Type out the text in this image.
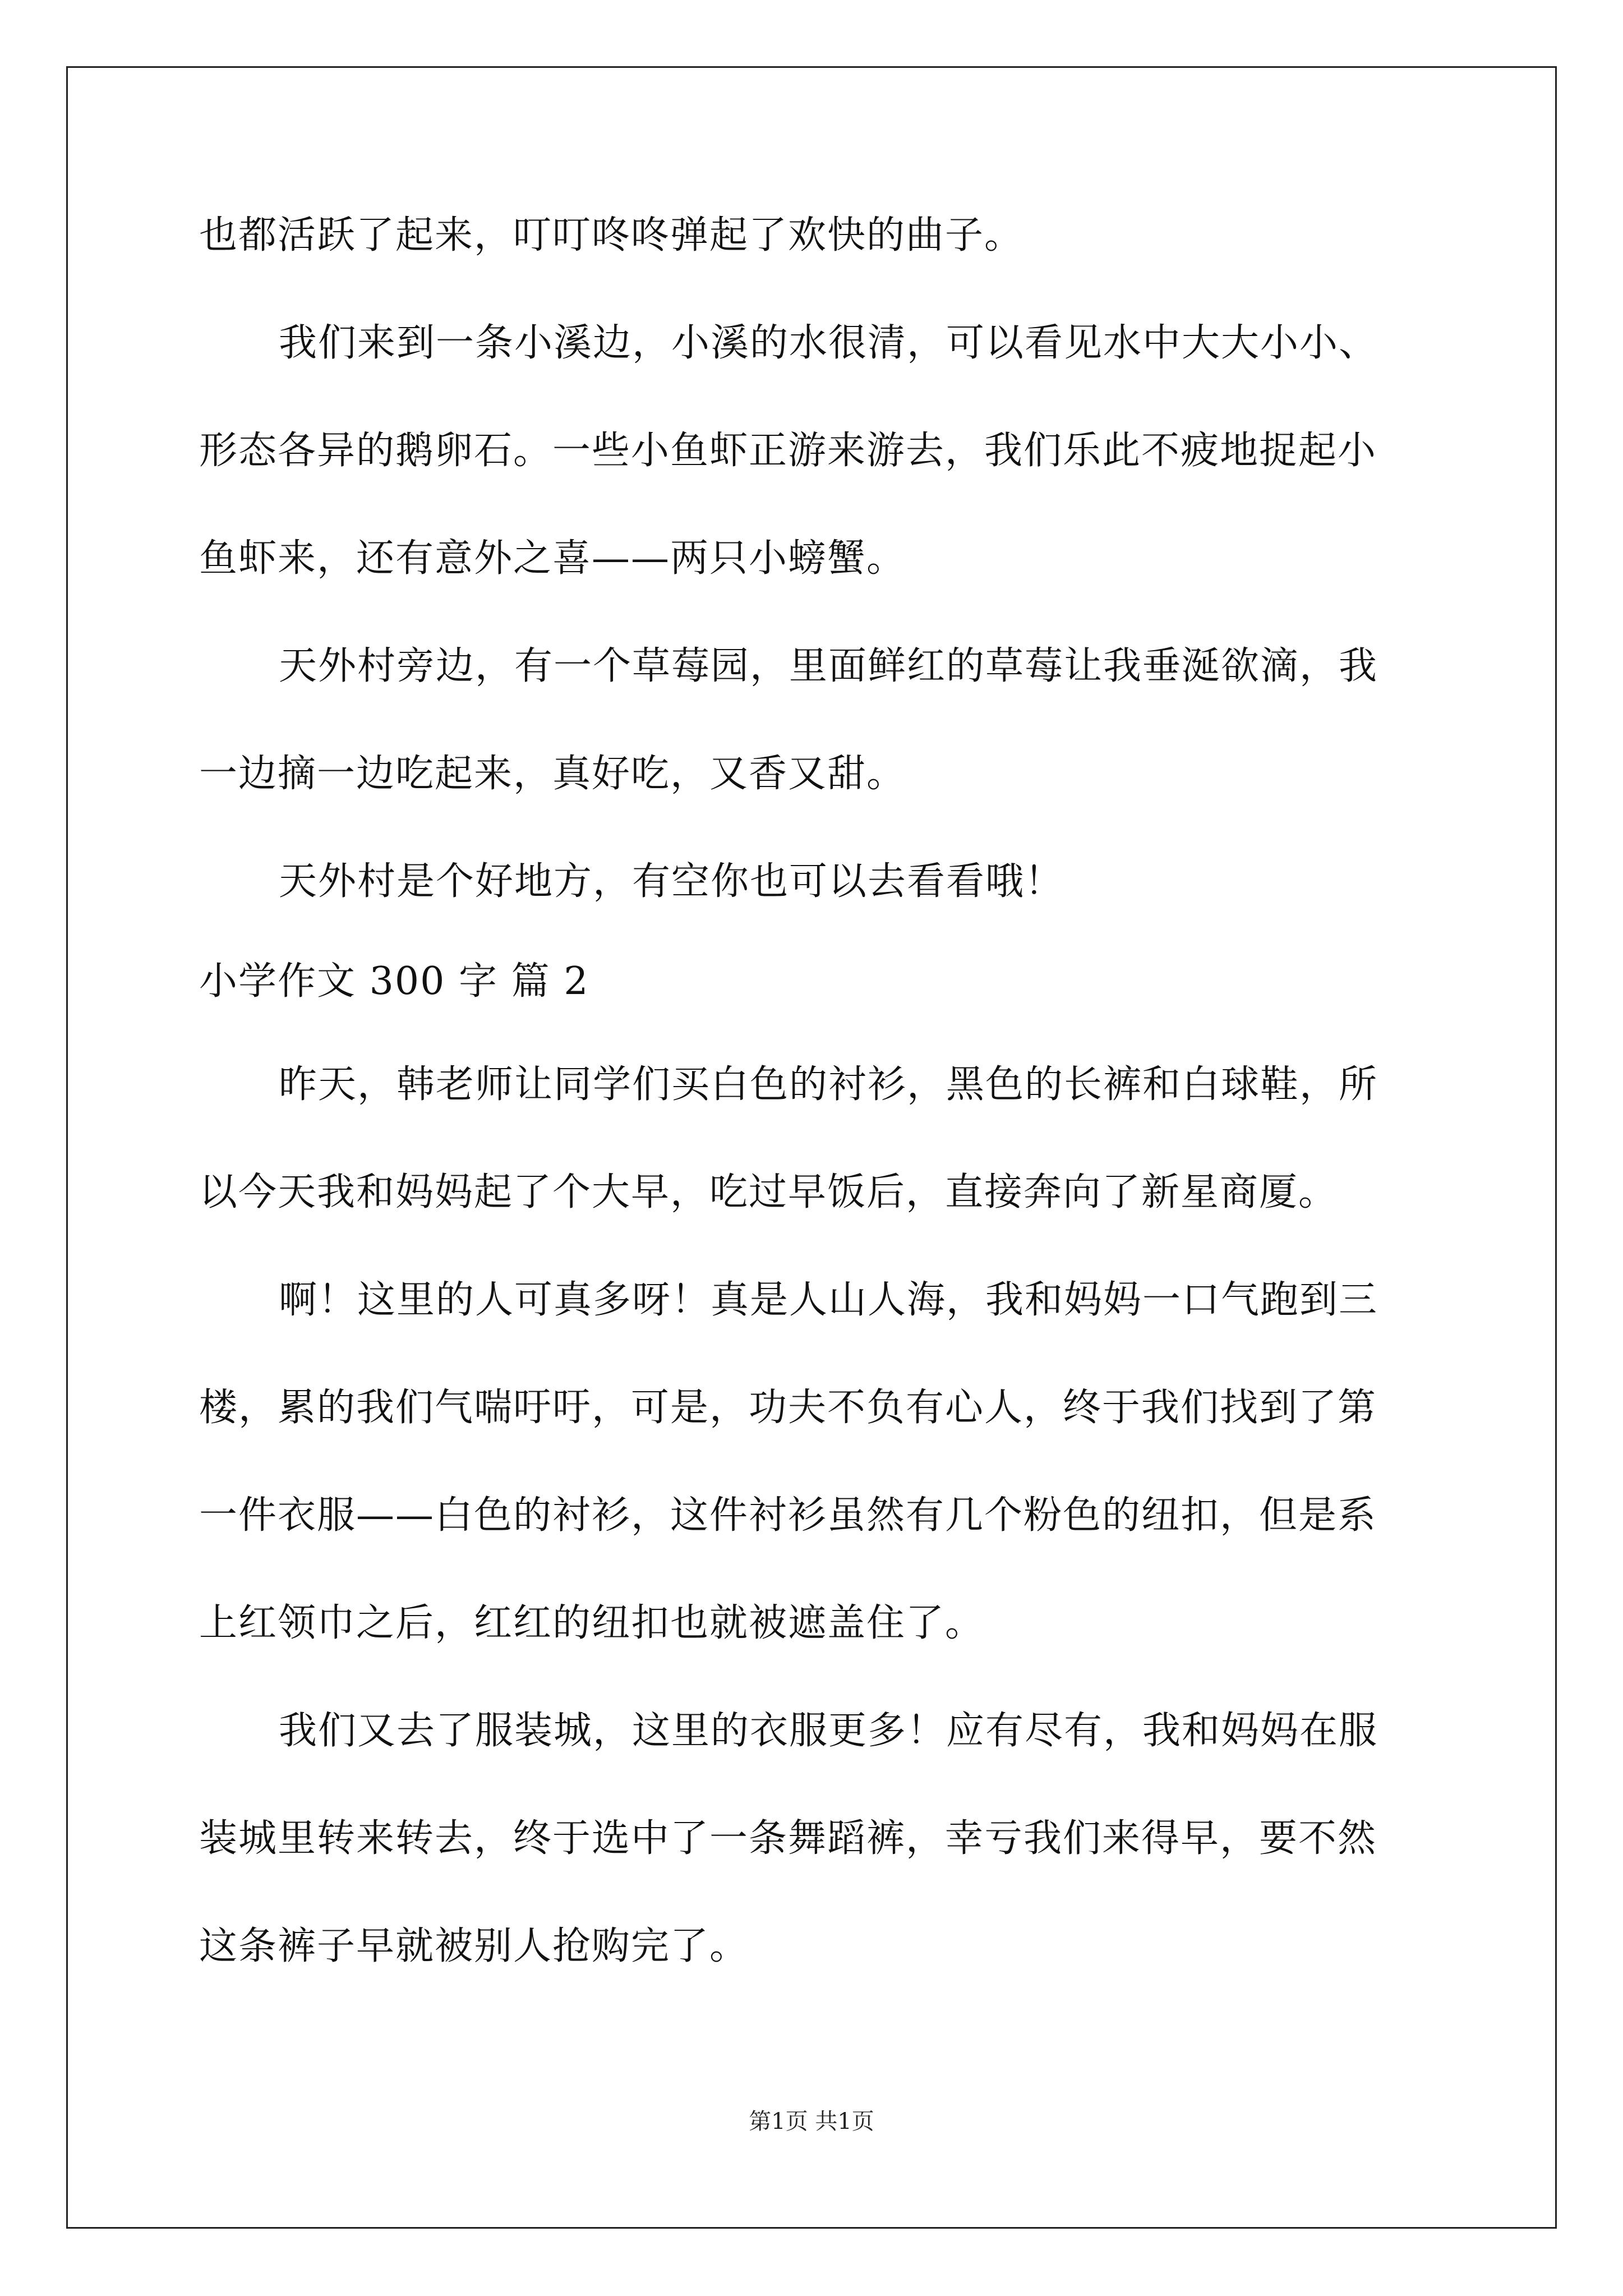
也都活跃了起来，叮叮咚咚弹起了欢快的曲子。
我们来到一条小溪边，小溪的水很清，可以看见水中大大小小、
形态各异的鹅卵石。一些小鱼虾正游来游去，我们乐此不疲地捉起小
鱼虾来，还有意外之喜——两只小螃蟹。
天外村旁边，有一个草莓园，里面鲜红的草莓让我垂涎欲滴，我
一边摘一边吃起来，真好吃，又香又甜。
天外村是个好地方，有空你也可以去看看哦！
小学作文 300 字 篇 2
昨天，韩老师让同学们买白色的衬衫，黑色的长裤和白球鞋，所
以今天我和妈妈起了个大早，吃过早饭后，直接奔向了新星商厦。
啊！这里的人可真多呀！真是人山人海，我和妈妈一口气跑到三
楼，累的我们气喘吁吁，可是，功夫不负有心人，终于我们找到了第
一件衣服——白色的衬衫，这件衬衫虽然有几个粉色的纽扣，但是系
上红领巾之后，红红的纽扣也就被遮盖住了。
我们又去了服装城，这里的衣服更多！应有尽有，我和妈妈在服
装城里转来转去，终于选中了一条舞蹈裤，幸亏我们来得早，要不然
这条裤子早就被别人抢购完了。
第1页 共1页
